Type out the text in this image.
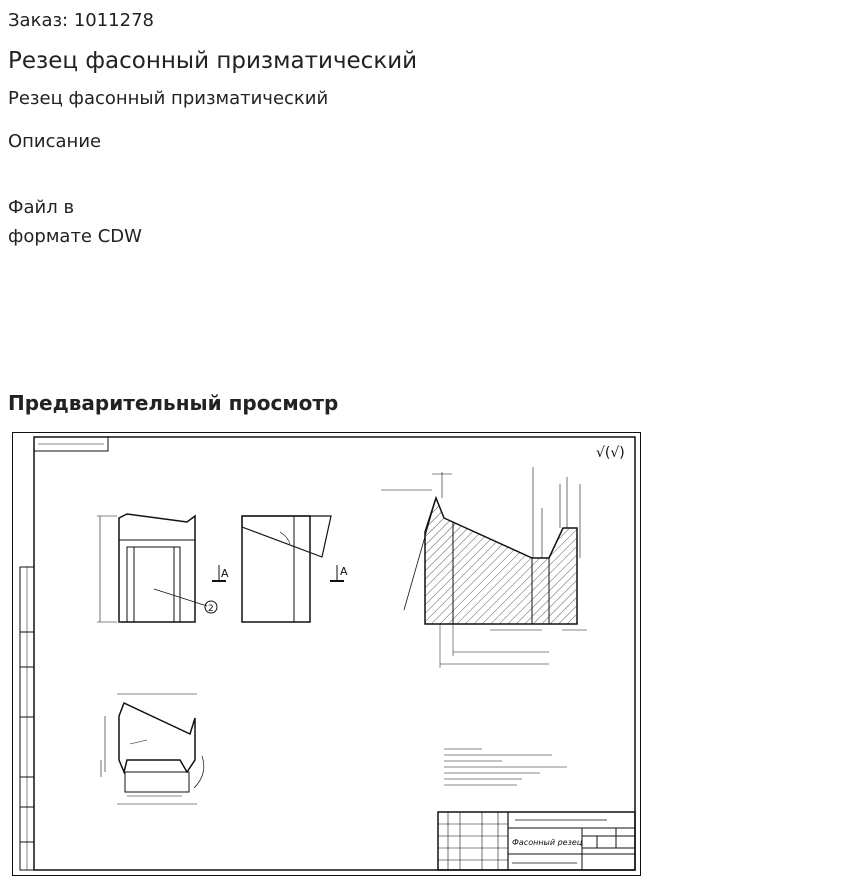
Заказ: 1011278
Резец фасонный призматический
Резец фасонный призматический
Описание
Файл в
формате CDW
Предварительный просмотр
√(√)
2
A	A
Фасонный резец
